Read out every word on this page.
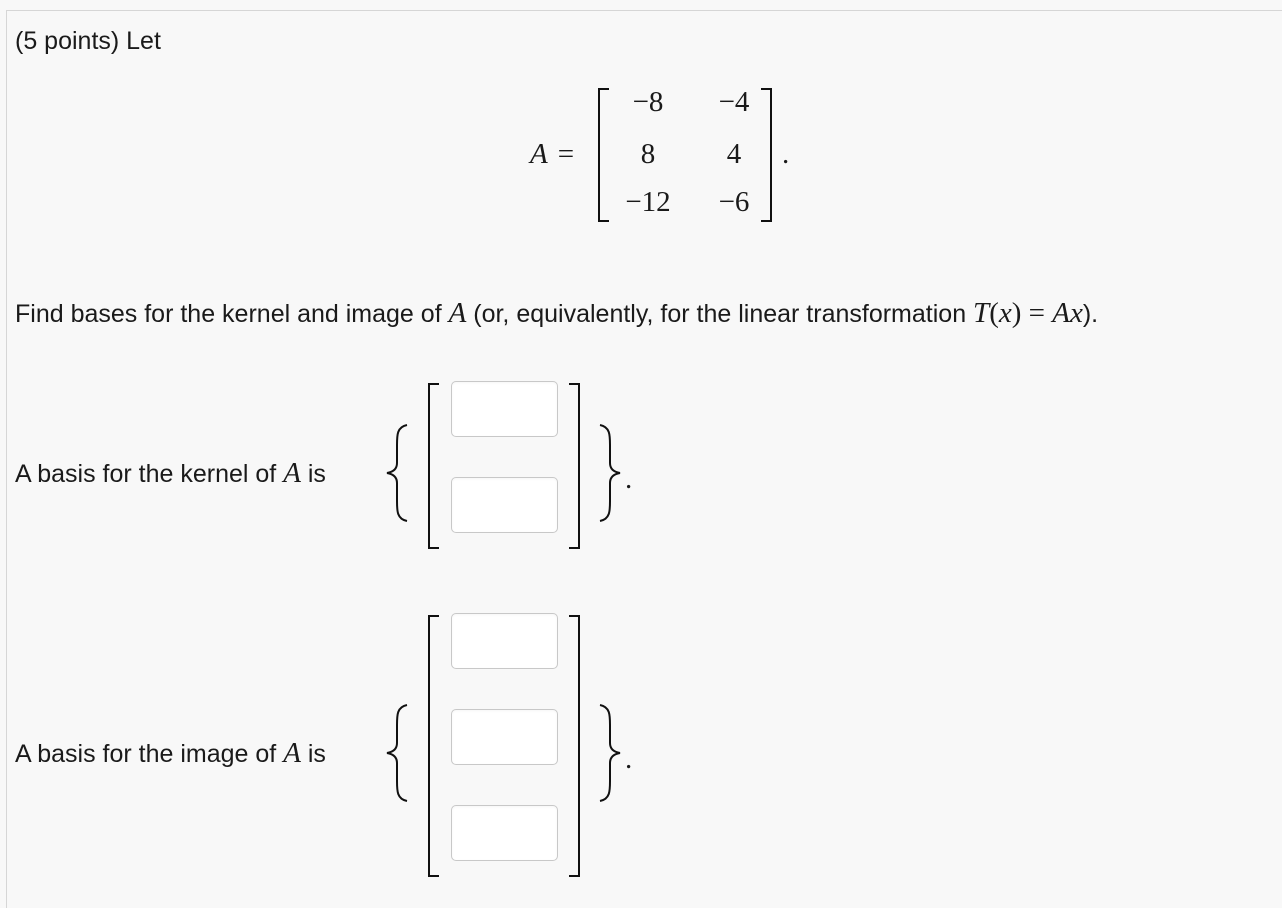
(5 points) Let
A =
−8	−4
8	4
−12	−6
.
Find bases for the kernel and image of A (or, equivalently, for the linear transformation T(x) = Ax).
A basis for the kernel of A is	.
A basis for the image of A is	.
